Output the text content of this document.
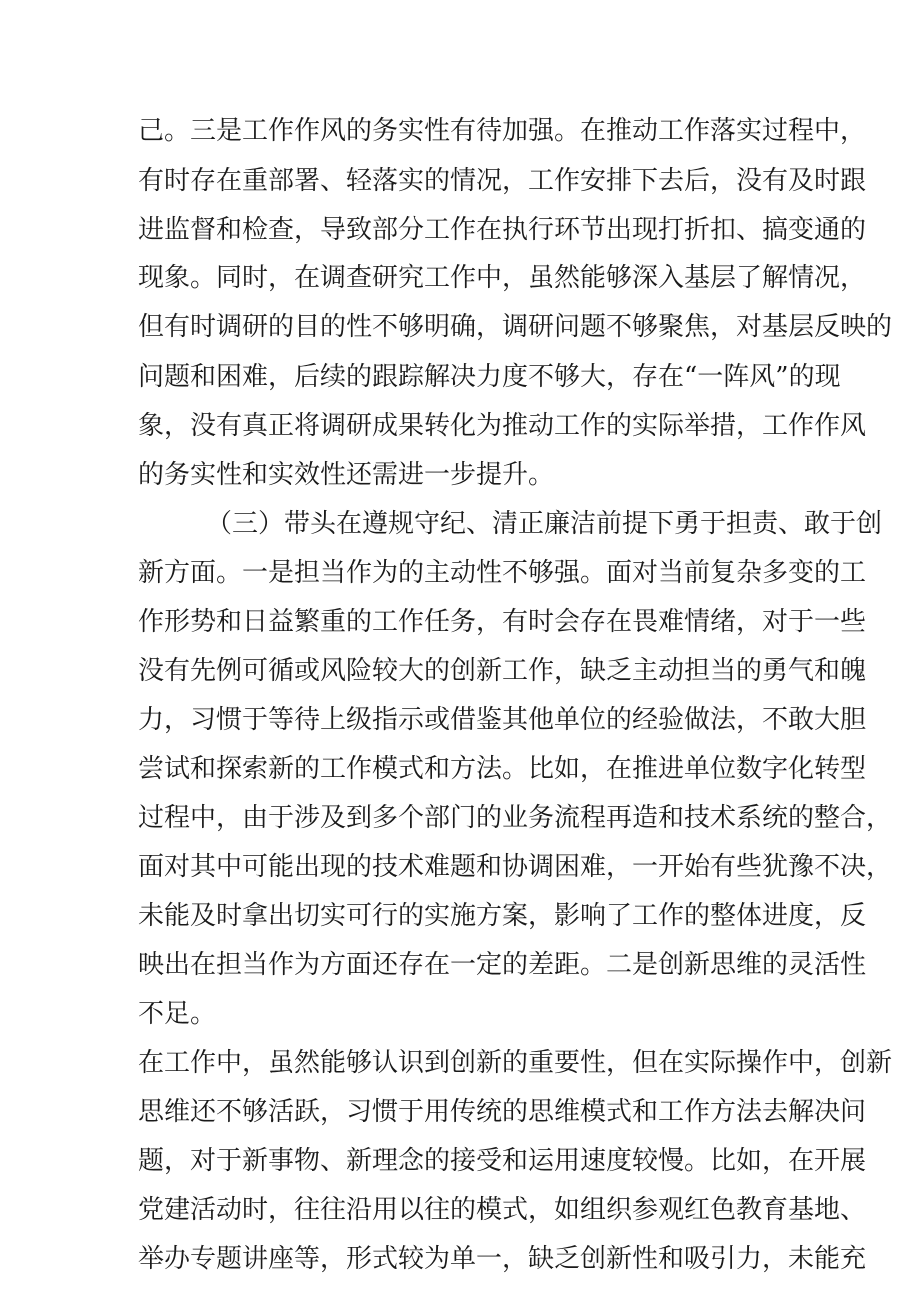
己。三是工作作风的务实性有待加强。在推动工作落实过程中，
有时存在重部署、轻落实的情况，工作安排下去后，没有及时跟
进监督和检查，导致部分工作在执行环节出现打折扣、搞变通的
现象。同时，在调查研究工作中，虽然能够深入基层了解情况，
但有时调研的目的性不够明确，调研问题不够聚焦，对基层反映的
问题和困难，后续的跟踪解决力度不够大，存在“一阵风”的现
象，没有真正将调研成果转化为推动工作的实际举措，工作作风
的务实性和实效性还需进一步提升。
（三）带头在遵规守纪、清正廉洁前提下勇于担责、敢于创
新方面。一是担当作为的主动性不够强。面对当前复杂多变的工
作形势和日益繁重的工作任务，有时会存在畏难情绪，对于一些
没有先例可循或风险较大的创新工作，缺乏主动担当的勇气和魄
力，习惯于等待上级指示或借鉴其他单位的经验做法，不敢大胆
尝试和探索新的工作模式和方法。比如，在推进单位数字化转型
过程中，由于涉及到多个部门的业务流程再造和技术系统的整合，
面对其中可能出现的技术难题和协调困难，一开始有些犹豫不决，
未能及时拿出切实可行的实施方案，影响了工作的整体进度，反
映出在担当作为方面还存在一定的差距。二是创新思维的灵活性
不足。
在工作中，虽然能够认识到创新的重要性，但在实际操作中，创新
思维还不够活跃，习惯于用传统的思维模式和工作方法去解决问
题，对于新事物、新理念的接受和运用速度较慢。比如，在开展
党建活动时，往往沿用以往的模式，如组织参观红色教育基地、
举办专题讲座等，形式较为单一，缺乏创新性和吸引力，未能充
